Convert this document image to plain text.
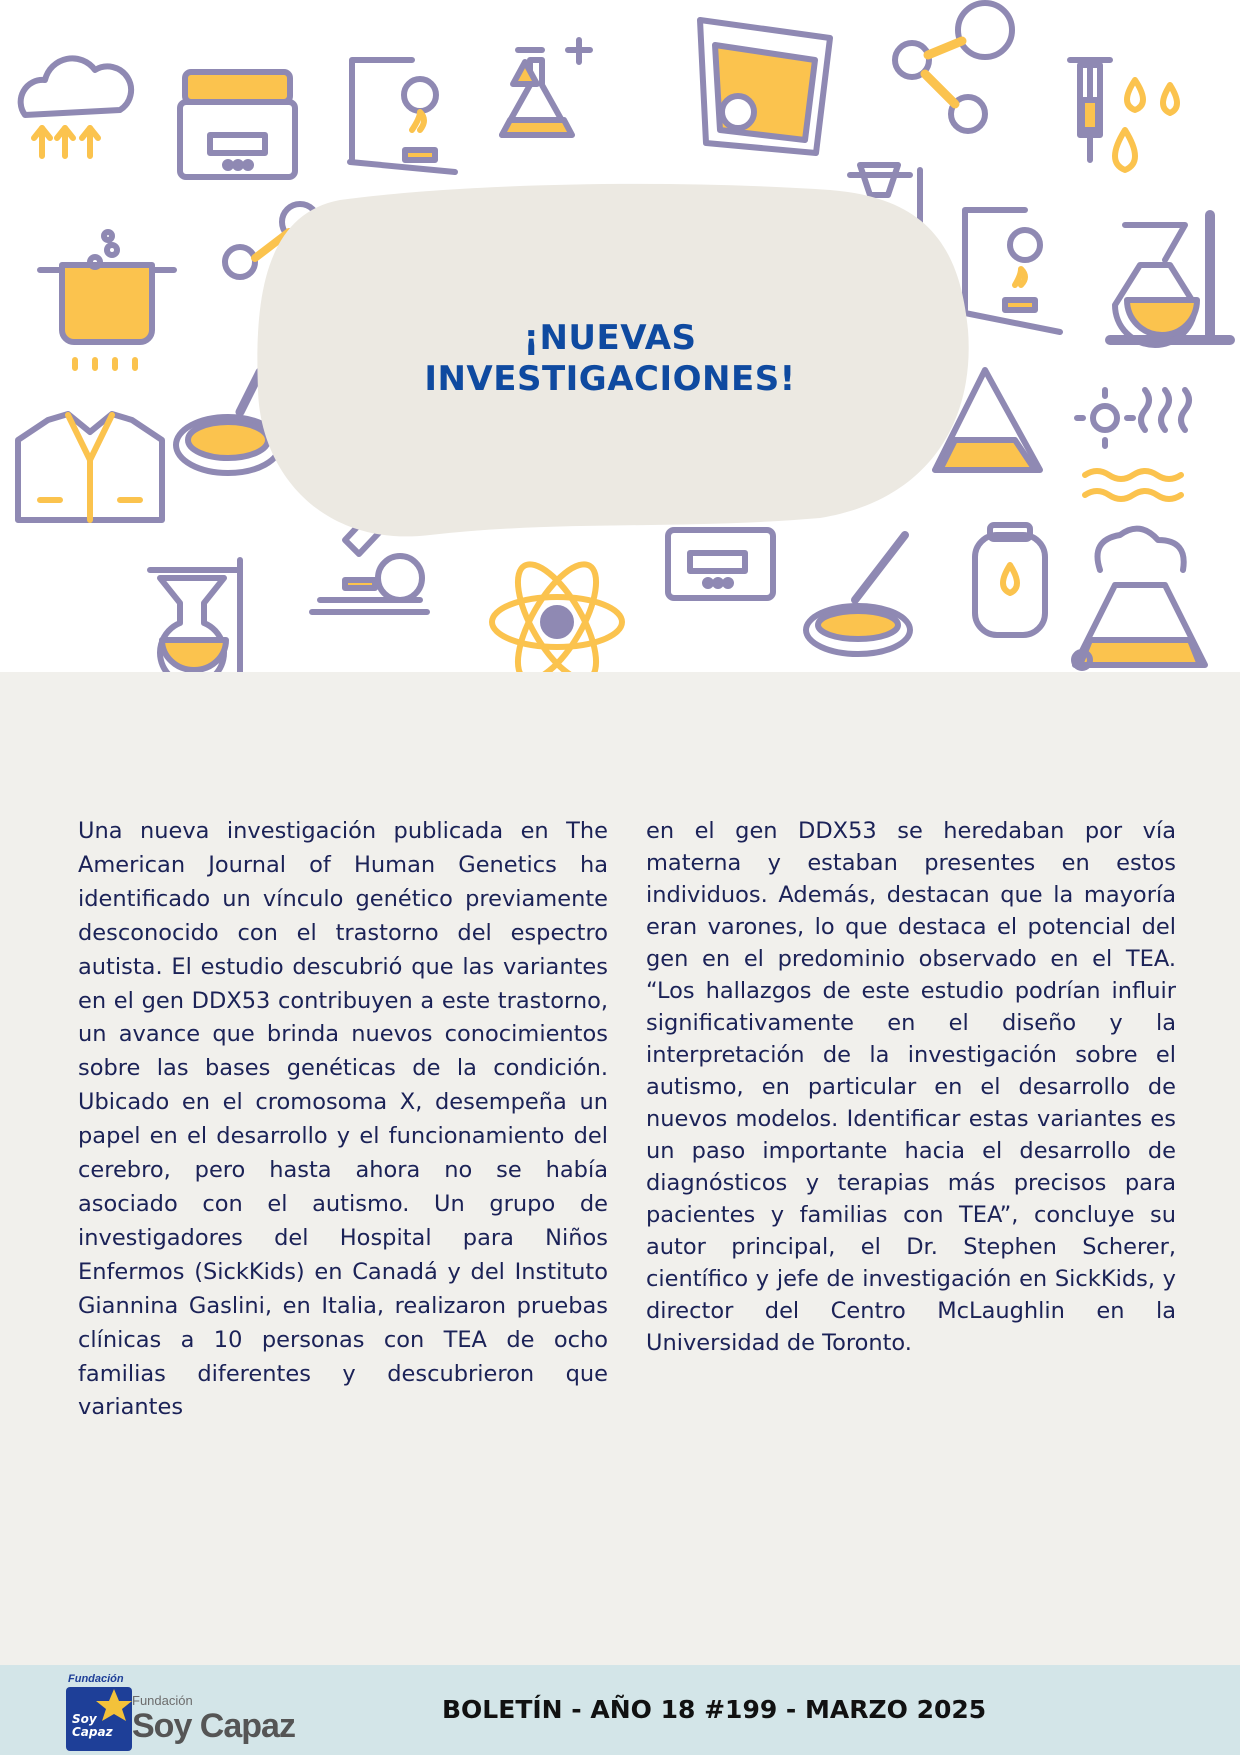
¡NUEVAS
INVESTIGACIONES!
Una nueva investigación publicada en The American Journal of Human Genetics ha identificado un vínculo genético previamente desconocido con el trastorno del espectro autista. El estudio descubrió que las variantes en el gen DDX53 contribuyen a este trastorno, un avance que brinda nuevos conocimientos sobre las bases genéticas de la condición. Ubicado en el cromosoma X, desempeña un papel en el desarrollo y el funcionamiento del cerebro, pero hasta ahora no se había asociado con el autismo. Un grupo de investigadores del Hospital para Niños Enfermos (SickKids) en Canadá y del Instituto Giannina Gaslini, en Italia, realizaron pruebas clínicas a 10 personas con TEA de ocho familias diferentes y descubrieron que variantes
en el gen DDX53 se heredaban por vía materna y estaban presentes en estos individuos. Además, destacan que la mayoría eran varones, lo que destaca el potencial del gen en el predominio observado en el TEA. “Los hallazgos de este estudio podrían influir significativamente en el diseño y la interpretación de la investigación sobre el autismo, en particular en el desarrollo de nuevos modelos. Identificar estas variantes es un paso importante hacia el desarrollo de diagnósticos y terapias más precisos para pacientes y familias con TEA”, concluye su autor principal, el Dr. Stephen Scherer, científico y jefe de investigación en SickKids, y director del Centro McLaughlin en la Universidad de Toronto.
Fundación
Soy
Capaz
Fundación
Soy Capaz	BOLETÍN - AÑO 18 #199 - MARZO 2025
